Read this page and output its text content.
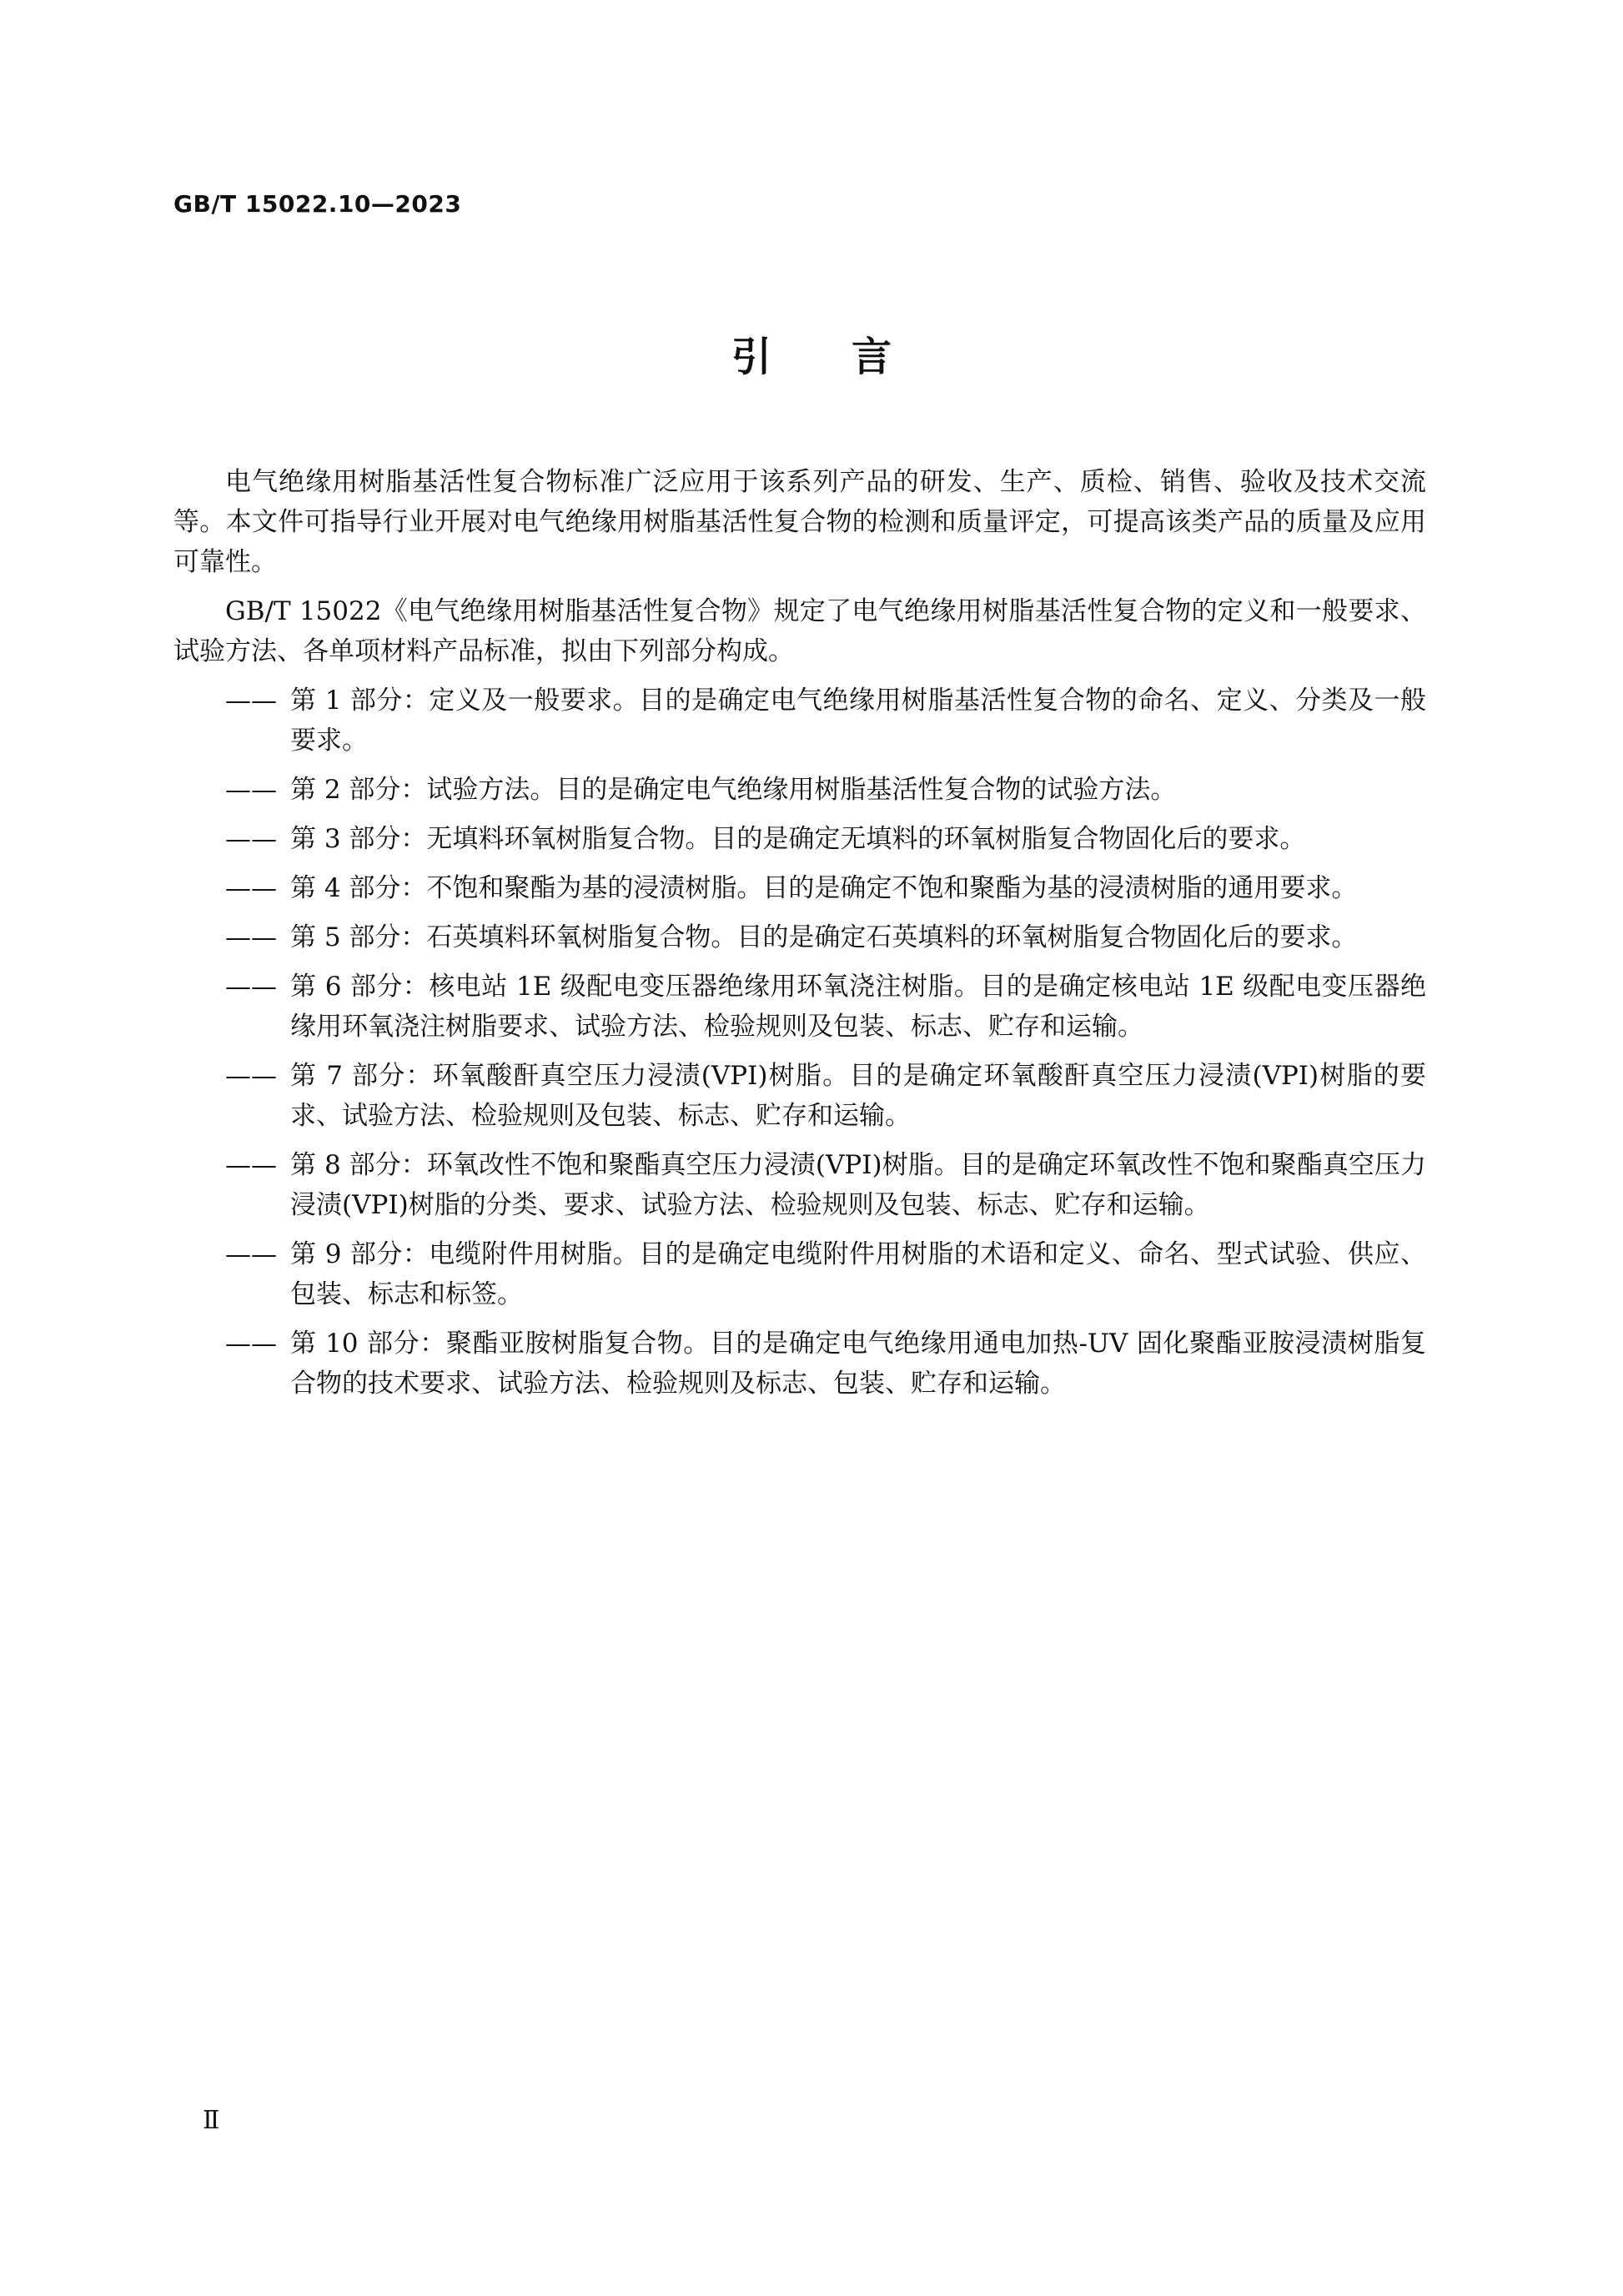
GB/T 15022.10—2023
引言

电气绝缘用树脂基活性复合物标准广泛应用于该系列产品的研发、生产、质检、销售、验收及技术交流等。本文件可指导行业开展对电气绝缘用树脂基活性复合物的检测和质量评定，可提高该类产品的质量及应用可靠性。

GB/T 15022《电气绝缘用树脂基活性复合物》规定了电气绝缘用树脂基活性复合物的定义和一般要求、试验方法、各单项材料产品标准，拟由下列部分构成。

—— 第 1 部分：定义及一般要求。目的是确定电气绝缘用树脂基活性复合物的命名、定义、分类及一般要求。
—— 第 2 部分：试验方法。目的是确定电气绝缘用树脂基活性复合物的试验方法。
—— 第 3 部分：无填料环氧树脂复合物。目的是确定无填料的环氧树脂复合物固化后的要求。
—— 第 4 部分：不饱和聚酯为基的浸渍树脂。目的是确定不饱和聚酯为基的浸渍树脂的通用要求。
—— 第 5 部分：石英填料环氧树脂复合物。目的是确定石英填料的环氧树脂复合物固化后的要求。
—— 第 6 部分：核电站 1E 级配电变压器绝缘用环氧浇注树脂。目的是确定核电站 1E 级配电变压器绝缘用环氧浇注树脂要求、试验方法、检验规则及包装、标志、贮存和运输。
—— 第 7 部分：环氧酸酐真空压力浸渍(VPI)树脂。目的是确定环氧酸酐真空压力浸渍(VPI)树脂的要求、试验方法、检验规则及包装、标志、贮存和运输。
—— 第 8 部分：环氧改性不饱和聚酯真空压力浸渍(VPI)树脂。目的是确定环氧改性不饱和聚酯真空压力浸渍(VPI)树脂的分类、要求、试验方法、检验规则及包装、标志、贮存和运输。
—— 第 9 部分：电缆附件用树脂。目的是确定电缆附件用树脂的术语和定义、命名、型式试验、供应、包装、标志和标签。
—— 第 10 部分：聚酯亚胺树脂复合物。目的是确定电气绝缘用通电加热-UV 固化聚酯亚胺浸渍树脂复合物的技术要求、试验方法、检验规则及标志、包装、贮存和运输。
Ⅱ
